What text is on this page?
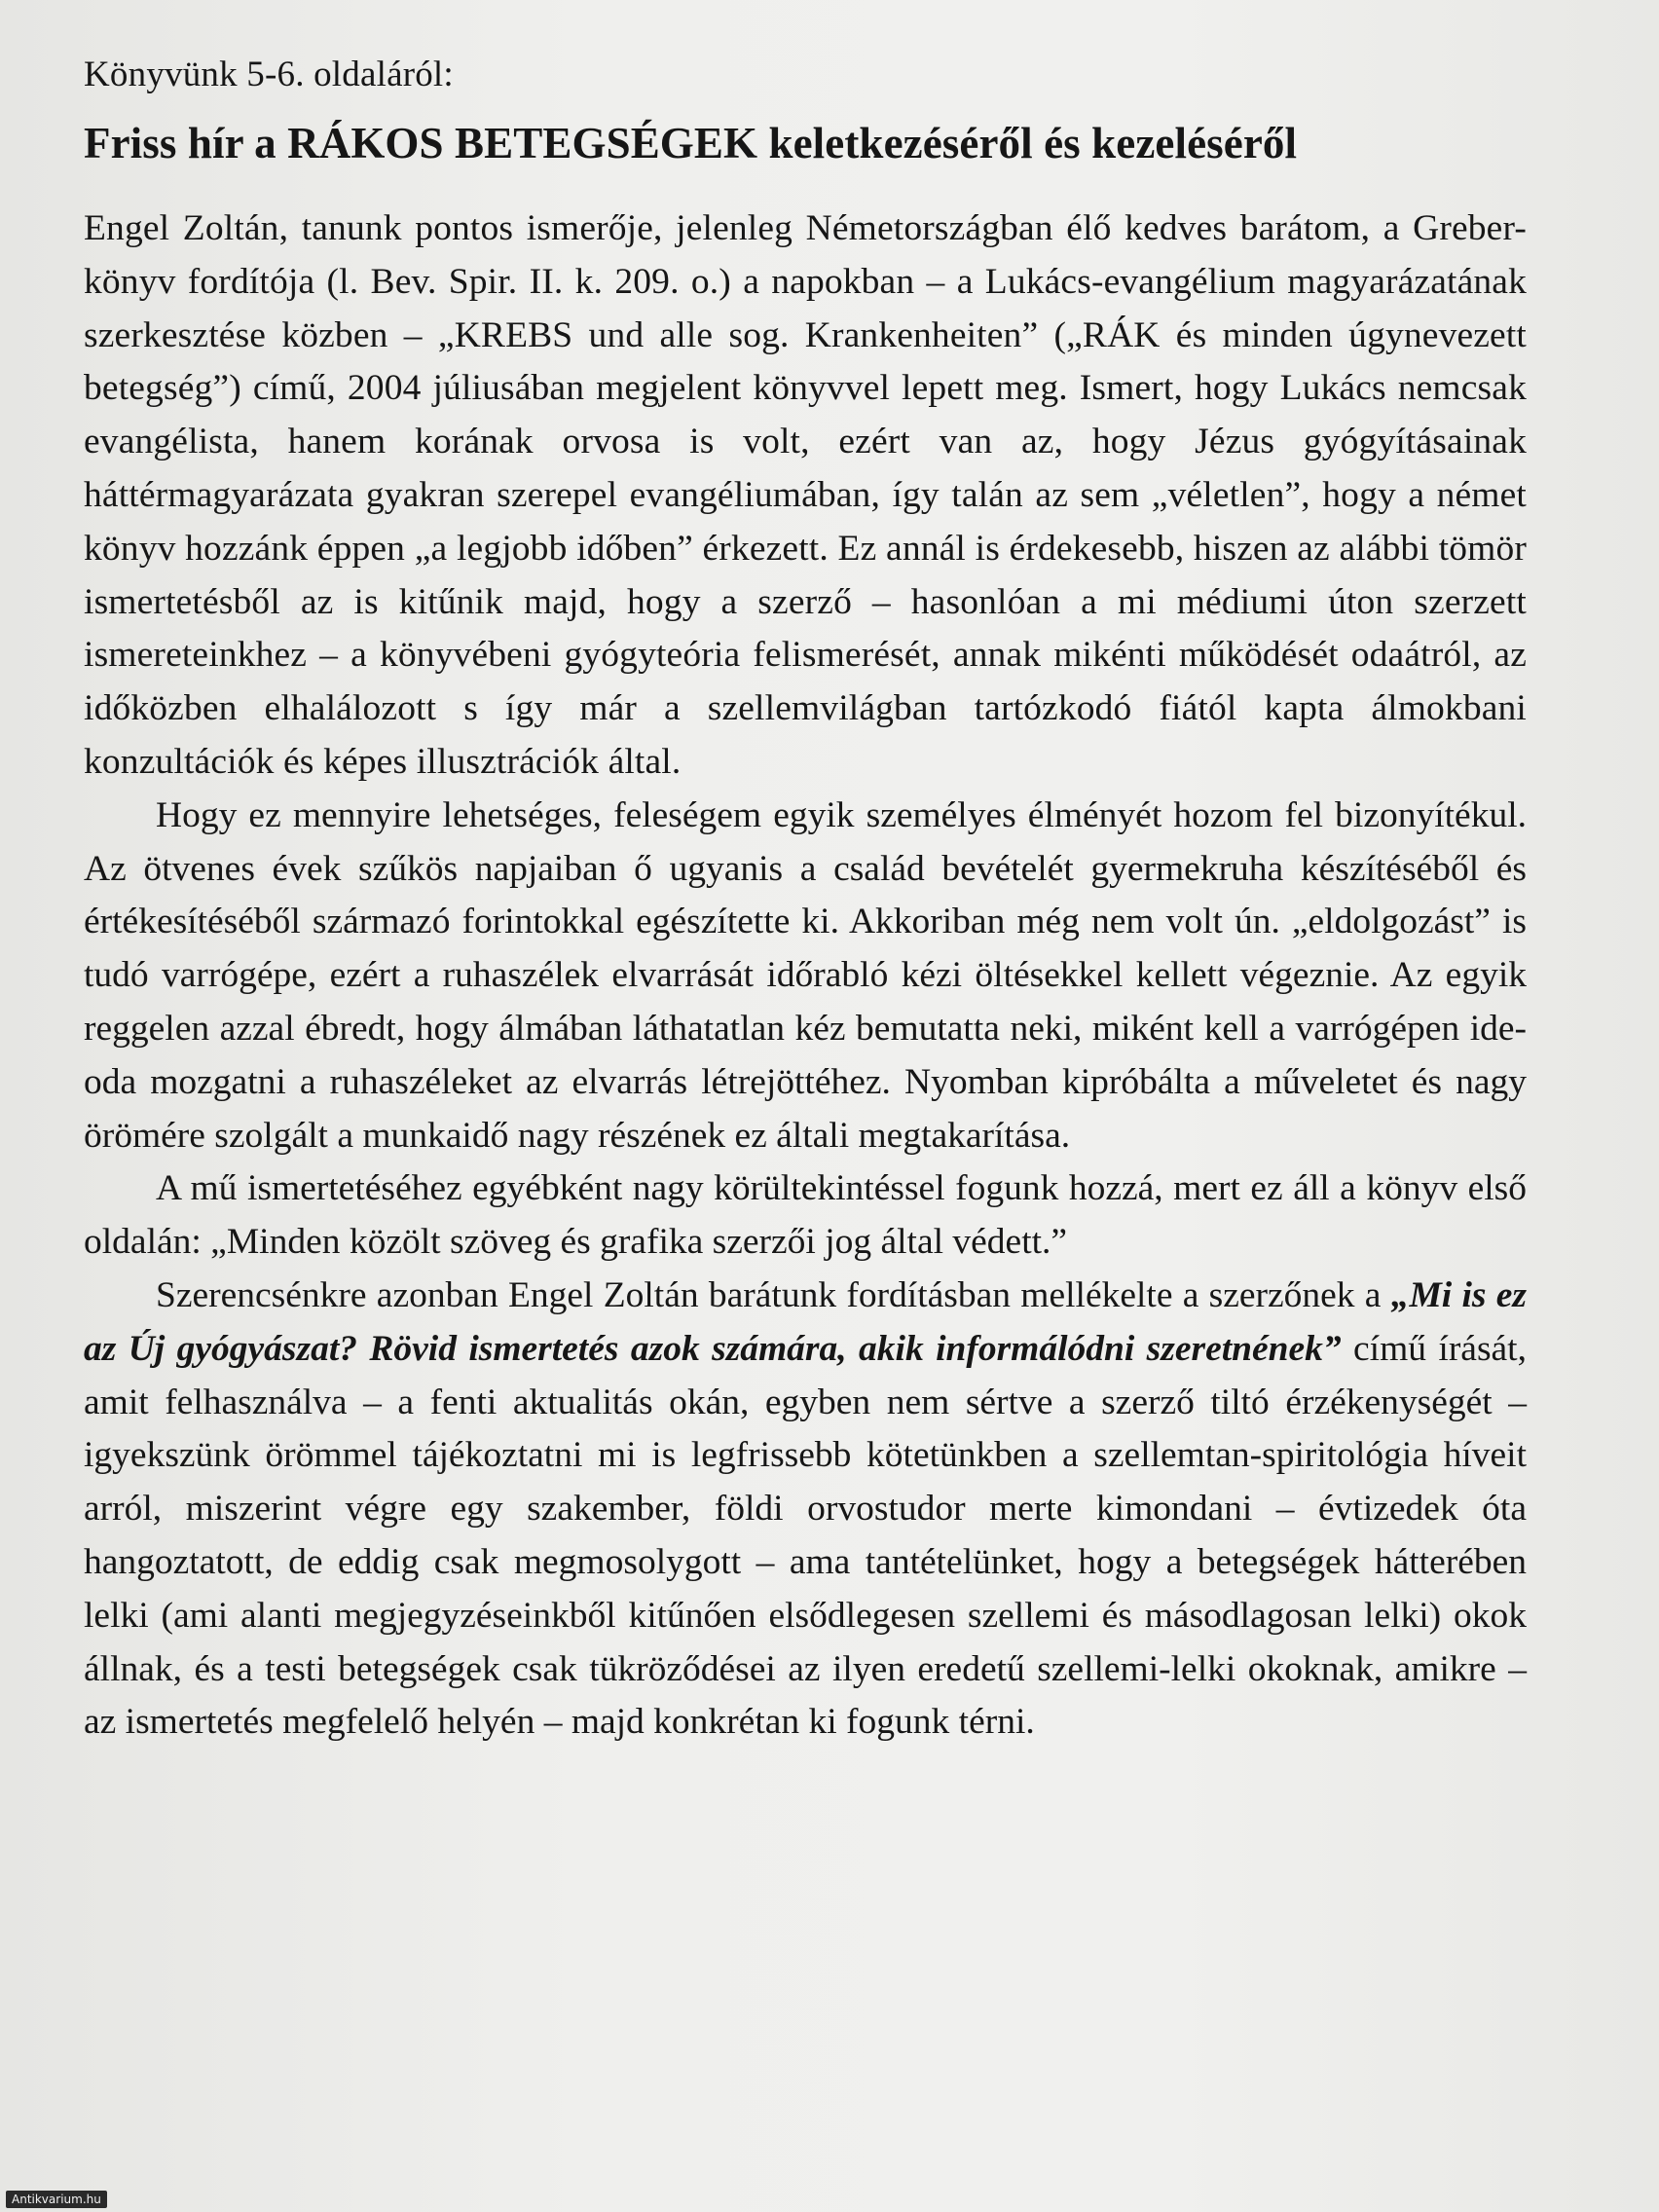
Könyvünk 5-6. oldaláról:

Friss hír a RÁKOS BETEGSÉGEK keletkezéséről és kezeléséről

Engel Zoltán, tanunk pontos ismerője, jelenleg Németországban élő kedves barátom, a Greber-könyv fordítója (l. Bev. Spir. II. k. 209. o.) a napokban – a Lukács-evangélium magyarázatának szerkesztése közben – „KREBS und alle sog. Krankenheiten” („RÁK és minden úgynevezett betegség”) című, 2004 júliusában megjelent könyvvel lepett meg. Ismert, hogy Lukács nemcsak evangélista, hanem korának orvosa is volt, ezért van az, hogy Jézus gyógyításainak háttérmagyarázata gyakran szerepel evangéliumában, így talán az sem „véletlen”, hogy a német könyv hozzánk éppen „a legjobb időben” érkezett. Ez annál is érdekesebb, hiszen az alábbi tömör ismertetésből az is kitűnik majd, hogy a szerző – hasonlóan a mi médiumi úton szerzett ismereteinkhez – a könyvébeni gyógyteória felismerését, annak mikénti működését odaátról, az időközben elhalálozott s így már a szellemvilágban tartózkodó fiától kapta álmokbani konzultációk és képes illusztrációk által.

Hogy ez mennyire lehetséges, feleségem egyik személyes élményét hozom fel bizonyítékul. Az ötvenes évek szűkös napjaiban ő ugyanis a család bevételét gyermekruha készítéséből és értékesítéséből származó forintokkal egészítette ki. Akkoriban még nem volt ún. „eldolgozást” is tudó varrógépe, ezért a ruhaszélek elvarrását időrabló kézi öltésekkel kellett végeznie. Az egyik reggelen azzal ébredt, hogy álmában láthatatlan kéz bemutatta neki, miként kell a varrógépen ide-oda mozgatni a ruhaszéleket az elvarrás létrejöttéhez. Nyomban kipróbálta a műveletet és nagy örömére szolgált a munkaidő nagy részének ez általi megtakarítása.

A mű ismertetéséhez egyébként nagy körültekintéssel fogunk hozzá, mert ez áll a könyv első oldalán: „Minden közölt szöveg és grafika szerzői jog által védett.”

Szerencsénkre azonban Engel Zoltán barátunk fordításban mellékelte a szerzőnek a „Mi is ez az Új gyógyászat? Rövid ismertetés azok számára, akik informálódni szeretnének” című írását, amit felhasználva – a fenti aktualitás okán, egyben nem sértve a szerző tiltó érzékenységét – igyekszünk örömmel tájékoztatni mi is legfrissebb kötetünkben a szellemtan-spiritológia híveit arról, miszerint végre egy szakember, földi orvostudor merte kimondani – évtizedek óta hangoztatott, de eddig csak megmosolygott – ama tantételünket, hogy a betegségek hátterében lelki (ami alanti megjegyzéseinkből kitűnően elsődlegesen szellemi és másodlagosan lelki) okok állnak, és a testi betegségek csak tükröződései az ilyen eredetű szellemi-lelki okoknak, amikre – az ismertetés megfelelő helyén – majd konkrétan ki fogunk térni.

Antikvarium.hu
